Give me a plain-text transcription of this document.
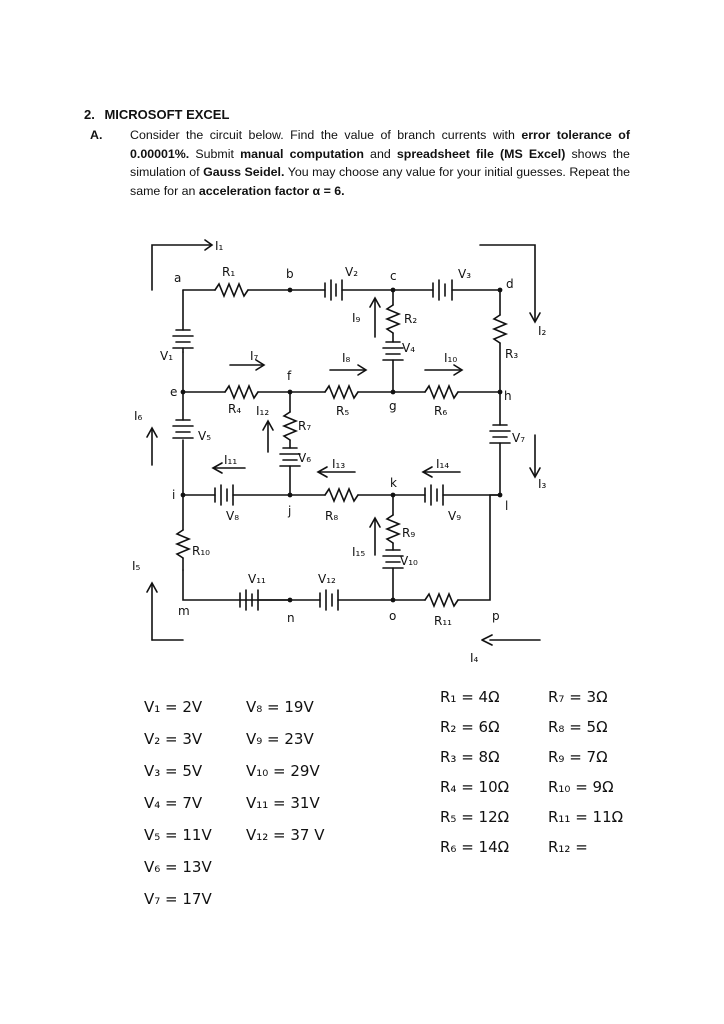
2. MICROSOFT EXCEL

A. Consider the circuit below. Find the value of branch currents with error tolerance of 0.00001%. Submit manual computation and spreadsheet file (MS Excel) shows the simulation of Gauss Seidel. You may choose any value for your initial guesses. Repeat the same for an acceleration factor α = 6.

a	b	c
d
e
f
g
h
i
j
k
l
m	n	o	p
R₁
R₂
R₃
R₄	R₅	R₆
R₇
R₈
R₉
R₁₀
R₁₁
V₁
V₂	V₃
V₄
V₅
V₆
V₇
V₈	V₉
V₁₀
V₁₁	V₁₂
I₁
I₂
I₃
I₄
I₅
I₆
I₇	I₈
I₉
I₁₀
I₁₁
I₁₂
I₁₃	I₁₄
I₁₅
V₁ = 2V
V₂ = 3V
V₃ = 5V
V₄ = 7V
V₅ = 11V
V₆ = 13V
V₇ = 17V
V₈ = 19V
V₉ = 23V
V₁₀ = 29V
V₁₁ = 31V
V₁₂ = 37 V
R₁ = 4Ω
R₂ = 6Ω
R₃ = 8Ω
R₄ = 10Ω
R₅ = 12Ω
R₆ = 14Ω
R₇ = 3Ω
R₈ = 5Ω
R₉ = 7Ω
R₁₀ = 9Ω
R₁₁ = 11Ω
R₁₂ =
